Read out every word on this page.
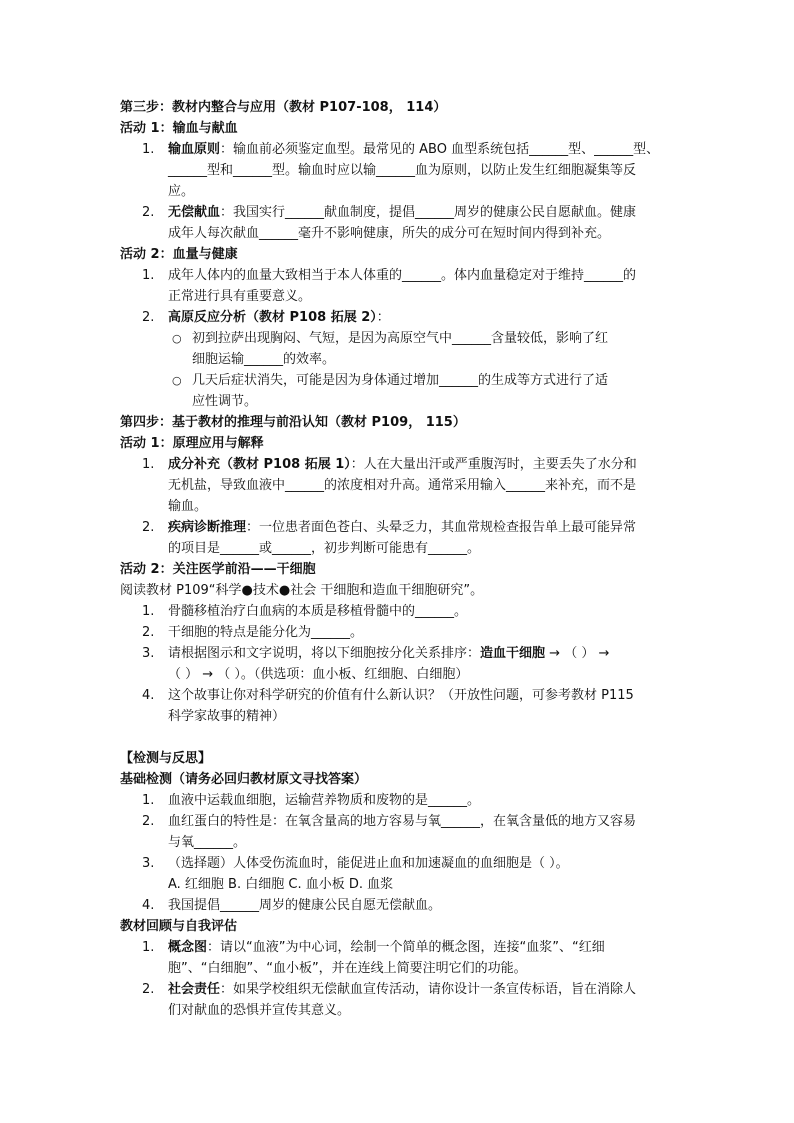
第三步：教材内整合与应用（教材 P107-108， 114）
活动 1：输血与献血
1. 输血原则：输血前必须鉴定血型。最常见的 ABO 血型系统包括______型、______型、
______型和______型。输血时应以输______血为原则，以防止发生红细胞凝集等反
应。
2. 无偿献血：我国实行______献血制度，提倡______周岁的健康公民自愿献血。健康
成年人每次献血______毫升不影响健康，所失的成分可在短时间内得到补充。
活动 2：血量与健康
1. 成年人体内的血量大致相当于本人体重的______。体内血量稳定对于维持______的
正常进行具有重要意义。
2. 高原反应分析（教材 P108 拓展 2）：
○ 初到拉萨出现胸闷、气短，是因为高原空气中______含量较低，影响了红
细胞运输______的效率。
○ 几天后症状消失，可能是因为身体通过增加______的生成等方式进行了适
应性调节。
第四步：基于教材的推理与前沿认知（教材 P109， 115）
活动 1：原理应用与解释
1. 成分补充（教材 P108 拓展 1）：人在大量出汗或严重腹泻时，主要丢失了水分和
无机盐，导致血液中______的浓度相对升高。通常采用输入______来补充，而不是
输血。
2. 疾病诊断推理：一位患者面色苍白、头晕乏力，其血常规检查报告单上最可能异常
的项目是______或______，初步判断可能患有______。
活动 2：关注医学前沿——干细胞
阅读教材 P109“科学●技术●社会 干细胞和造血干细胞研究”。
1. 骨髓移植治疗白血病的本质是移植骨髓中的______。
2. 干细胞的特点是能分化为______。
3. 请根据图示和文字说明，将以下细胞按分化关系排序：造血干细胞 → （ ） →
（ ） → （ ）。（供选项：血小板、红细胞、白细胞）
4. 这个故事让你对科学研究的价值有什么新认识？（开放性问题，可参考教材 P115
科学家故事的精神）
【检测与反思】
基础检测（请务必回归教材原文寻找答案）
1. 血液中运载血细胞，运输营养物质和废物的是______。
2. 血红蛋白的特性是：在氧含量高的地方容易与氧______，在氧含量低的地方又容易
与氧______。
3. （选择题）人体受伤流血时，能促进止血和加速凝血的血细胞是（ ）。
A. 红细胞 B. 白细胞 C. 血小板 D. 血浆
4. 我国提倡______周岁的健康公民自愿无偿献血。
教材回顾与自我评估
1. 概念图：请以“血液”为中心词，绘制一个简单的概念图，连接“血浆”、“红细
胞”、“白细胞”、“血小板”，并在连线上简要注明它们的功能。
2. 社会责任：如果学校组织无偿献血宣传活动，请你设计一条宣传标语，旨在消除人
们对献血的恐惧并宣传其意义。
